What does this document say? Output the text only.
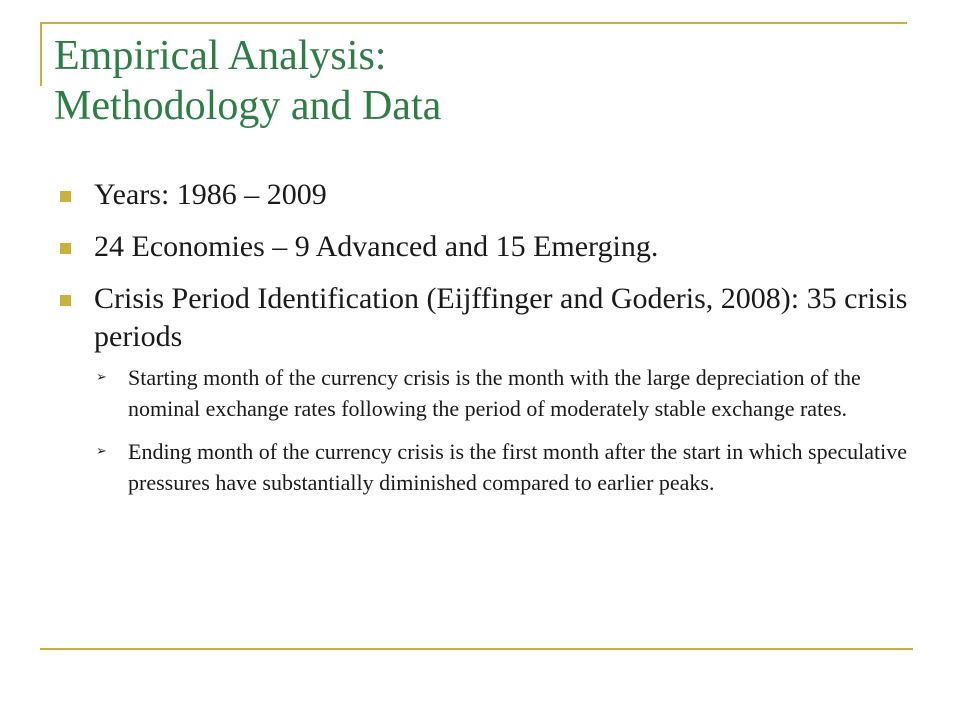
Empirical Analysis:
Methodology and Data
Years: 1986 – 2009
24 Economies – 9 Advanced and 15 Emerging.
Crisis Period Identification (Eijffinger and Goderis, 2008): 35 crisis periods
➢ Starting month of the currency crisis is the month with the large depreciation of the nominal exchange rates following the period of moderately stable exchange rates.
➢ Ending month of the currency crisis is the first month after the start in which speculative pressures have substantially diminished compared to earlier peaks.
